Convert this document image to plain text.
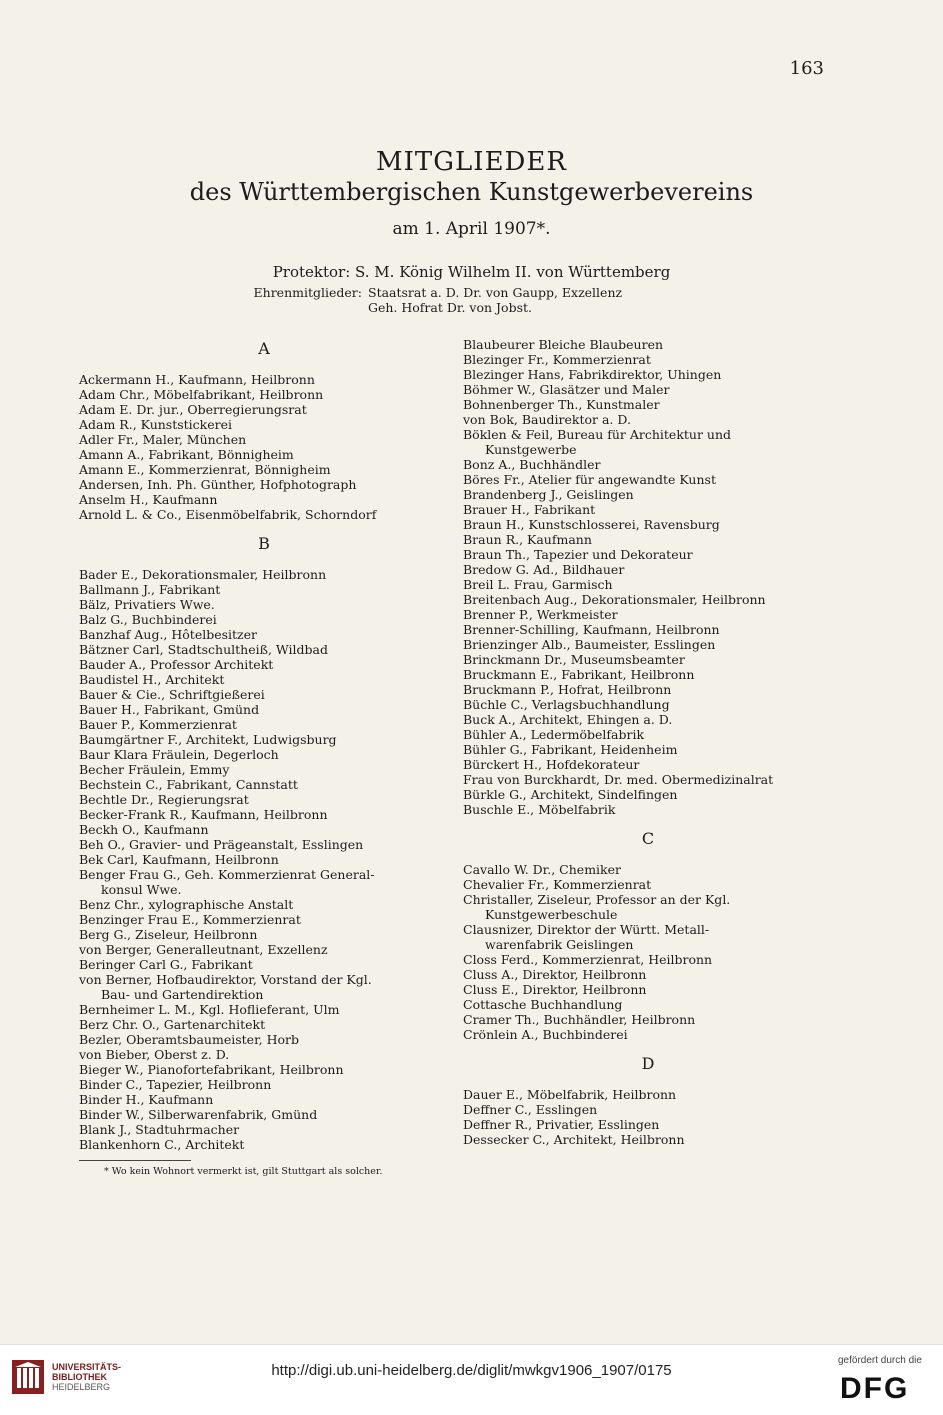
163
MITGLIEDER
des Württembergischen Kunstgewerbevereins
am 1. April 1907*.
Protektor: S. M. König Wilhelm II. von Württemberg
Ehrenmitglieder: Staatsrat a. D. Dr. von Gaupp, Exzellenz
Geh. Hofrat Dr. von Jobst.
A
Ackermann H., Kaufmann, Heilbronn
Adam Chr., Möbelfabrikant, Heilbronn
Adam E. Dr. jur., Oberregierungsrat
Adam R., Kunststickerei
Adler Fr., Maler, München
Amann A., Fabrikant, Bönnigheim
Amann E., Kommerzienrat, Bönnigheim
Andersen, Inh. Ph. Günther, Hofphotograph
Anselm H., Kaufmann
Arnold L. & Co., Eisenmöbelfabrik, Schorndorf
B
Bader E., Dekorationsmaler, Heilbronn
Ballmann J., Fabrikant
Bälz, Privatiers Wwe.
Balz G., Buchbinderei
Banzhaf Aug., Hôtelbesitzer
Bätzner Carl, Stadtschultheiß, Wildbad
Bauder A., Professor Architekt
Baudistel H., Architekt
Bauer & Cie., Schriftgießerei
Bauer H., Fabrikant, Gmünd
Bauer P., Kommerzienrat
Baumgärtner F., Architekt, Ludwigsburg
Baur Klara Fräulein, Degerloch
Becher Fräulein, Emmy
Bechstein C., Fabrikant, Cannstatt
Bechtle Dr., Regierungsrat
Becker-Frank R., Kaufmann, Heilbronn
Beckh O., Kaufmann
Beh O., Gravier- und Prägeanstalt, Esslingen
Bek Carl, Kaufmann, Heilbronn
Benger Frau G., Geh. Kommerzienrat General-
konsul Wwe.
Benz Chr., xylographische Anstalt
Benzinger Frau E., Kommerzienrat
Berg G., Ziseleur, Heilbronn
von Berger, Generalleutnant, Exzellenz
Beringer Carl G., Fabrikant
von Berner, Hofbaudirektor, Vorstand der Kgl.
Bau- und Gartendirektion
Bernheimer L. M., Kgl. Hoflieferant, Ulm
Berz Chr. O., Gartenarchitekt
Bezler, Oberamtsbaumeister, Horb
von Bieber, Oberst z. D.
Bieger W., Pianofortefabrikant, Heilbronn
Binder C., Tapezier, Heilbronn
Binder H., Kaufmann
Binder W., Silberwarenfabrik, Gmünd
Blank J., Stadtuhrmacher
Blankenhorn C., Architekt
Blaubeurer Bleiche Blaubeuren
Blezinger Fr., Kommerzienrat
Blezinger Hans, Fabrikdirektor, Uhingen
Böhmer W., Glasätzer und Maler
Bohnenberger Th., Kunstmaler
von Bok, Baudirektor a. D.
Böklen & Feil, Bureau für Architektur und
Kunstgewerbe
Bonz A., Buchhändler
Böres Fr., Atelier für angewandte Kunst
Brandenberg J., Geislingen
Brauer H., Fabrikant
Braun H., Kunstschlosserei, Ravensburg
Braun R., Kaufmann
Braun Th., Tapezier und Dekorateur
Bredow G. Ad., Bildhauer
Breil L. Frau, Garmisch
Breitenbach Aug., Dekorationsmaler, Heilbronn
Brenner P., Werkmeister
Brenner-Schilling, Kaufmann, Heilbronn
Brienzinger Alb., Baumeister, Esslingen
Brinckmann Dr., Museumsbeamter
Bruckmann E., Fabrikant, Heilbronn
Bruckmann P., Hofrat, Heilbronn
Büchle C., Verlagsbuchhandlung
Buck A., Architekt, Ehingen a. D.
Bühler A., Ledermöbelfabrik
Bühler G., Fabrikant, Heidenheim
Bürckert H., Hofdekorateur
Frau von Burckhardt, Dr. med. Obermedizinalrat
Bürkle G., Architekt, Sindelfingen
Buschle E., Möbelfabrik
C
Cavallo W. Dr., Chemiker
Chevalier Fr., Kommerzienrat
Christaller, Ziseleur, Professor an der Kgl.
Kunstgewerbeschule
Clausnizer, Direktor der Württ. Metall-
warenfabrik Geislingen
Closs Ferd., Kommerzienrat, Heilbronn
Cluss A., Direktor, Heilbronn
Cluss E., Direktor, Heilbronn
Cottasche Buchhandlung
Cramer Th., Buchhändler, Heilbronn
Crönlein A., Buchbinderei
D
Dauer E., Möbelfabrik, Heilbronn
Deffner C., Esslingen
Deffner R., Privatier, Esslingen
Dessecker C., Architekt, Heilbronn
* Wo kein Wohnort vermerkt ist, gilt Stuttgart als solcher.
UNIVERSITÄTS-
BIBLIOTHEK
HEIDELBERG
http://digi.ub.uni-heidelberg.de/diglit/mwkgv1906_1907/0175
gefördert durch die
DFG
